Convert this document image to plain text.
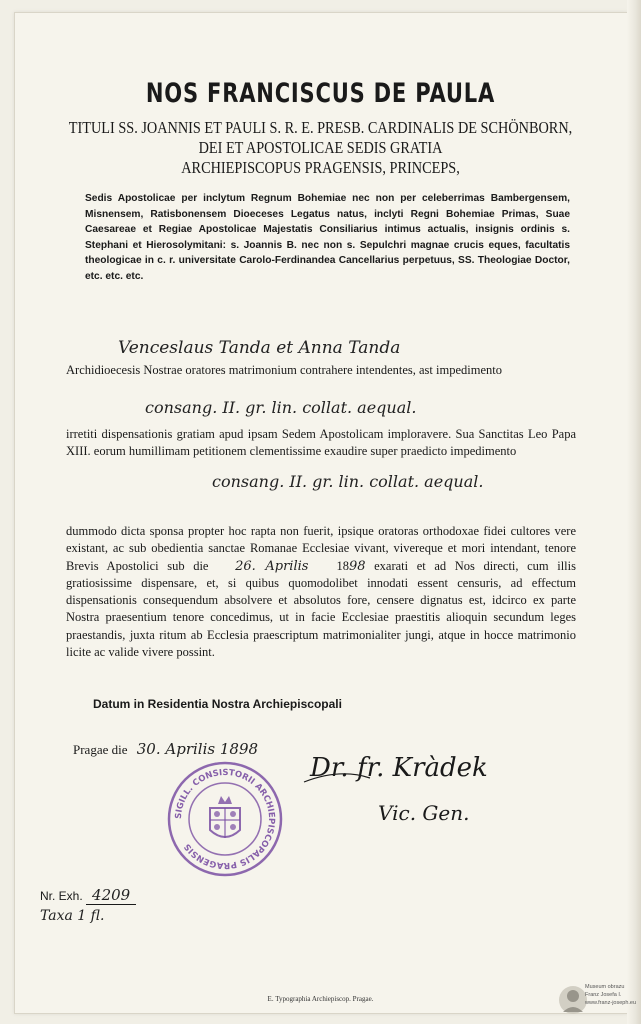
NOS FRANCISCUS DE PAULA
TITULI SS. JOANNIS ET PAULI S. R. E. PRESB. CARDINALIS DE SCHÖNBORN,
DEI ET APOSTOLICAE SEDIS GRATIA
ARCHIEPISCOPUS PRAGENSIS, PRINCEPS,
Sedis Apostolicae per inclytum Regnum Bohemiae nec non per celeberrimas Bambergensem, Misnensem, Ratisbonensem Dioeceses Legatus natus, inclyti Regni Bohemiae Primas, Suae Caesareae et Regiae Apostolicae Majestatis Consiliarius intimus actualis, insignis ordinis s. Stephani et Hierosolymitani: s. Joannis B. nec non s. Sepulchri magnae crucis eques, facultatis theologicae in c. r. universitate Carolo-Ferdinandea Cancellarius perpetuus, SS. Theologiae Doctor, etc. etc. etc.
Venceslaus Tanda et Anna Tanda
Archidioecesis Nostrae oratores matrimonium contrahere intendentes, ast impedimento
consang. II. gr. lin. collat. aequal.
irretiti dispensationis gratiam apud ipsam Sedem Apostolicam imploravere. Sua Sanctitas Leo Papa XIII. eorum humillimam petitionem clementissime exaudire super praedicto impedimento
consang. II. gr. lin. collat. aequal.
dummodo dicta sponsa propter hoc rapta non fuerit, ipsique oratoras orthodoxae fidei cultores vere existant, ac sub obedientia sanctae Romanae Ecclesiae vivant, vivereque et mori intendant, tenore Brevis Apostolici sub die 26. Aprilis 1898 exarati et ad Nos directi, cum illis gratiosissime dispensare, et, si quibus quomodolibet innodati essent censuris, ad effectum dispensationis consequendum absolvere et absolutos fore, censere dignatus est, idcirco ex parte Nostra praesentium tenore concedimus, ut in facie Ecclesiae praestitis alioquin secundum leges praestandis, juxta ritum ab Ecclesia praescriptum matrimonialiter jungi, atque in hocce matrimonio licite ac valide vivere possint.
Datum in Residentia Nostra Archiepiscopali
Pragae die 30. Aprilis 1898
SIGILL. CONSISTORII ARCHIEPISCOPALIS PRAGENSIS
Dr. fr. Kràdek
Vic. Gen.
Nr. Exh. 4209
Taxa 1 fl.
E. Typographia Archiepiscop. Pragae.
Museum obrazu Franz Josefa I. www.franz-joseph.eu
